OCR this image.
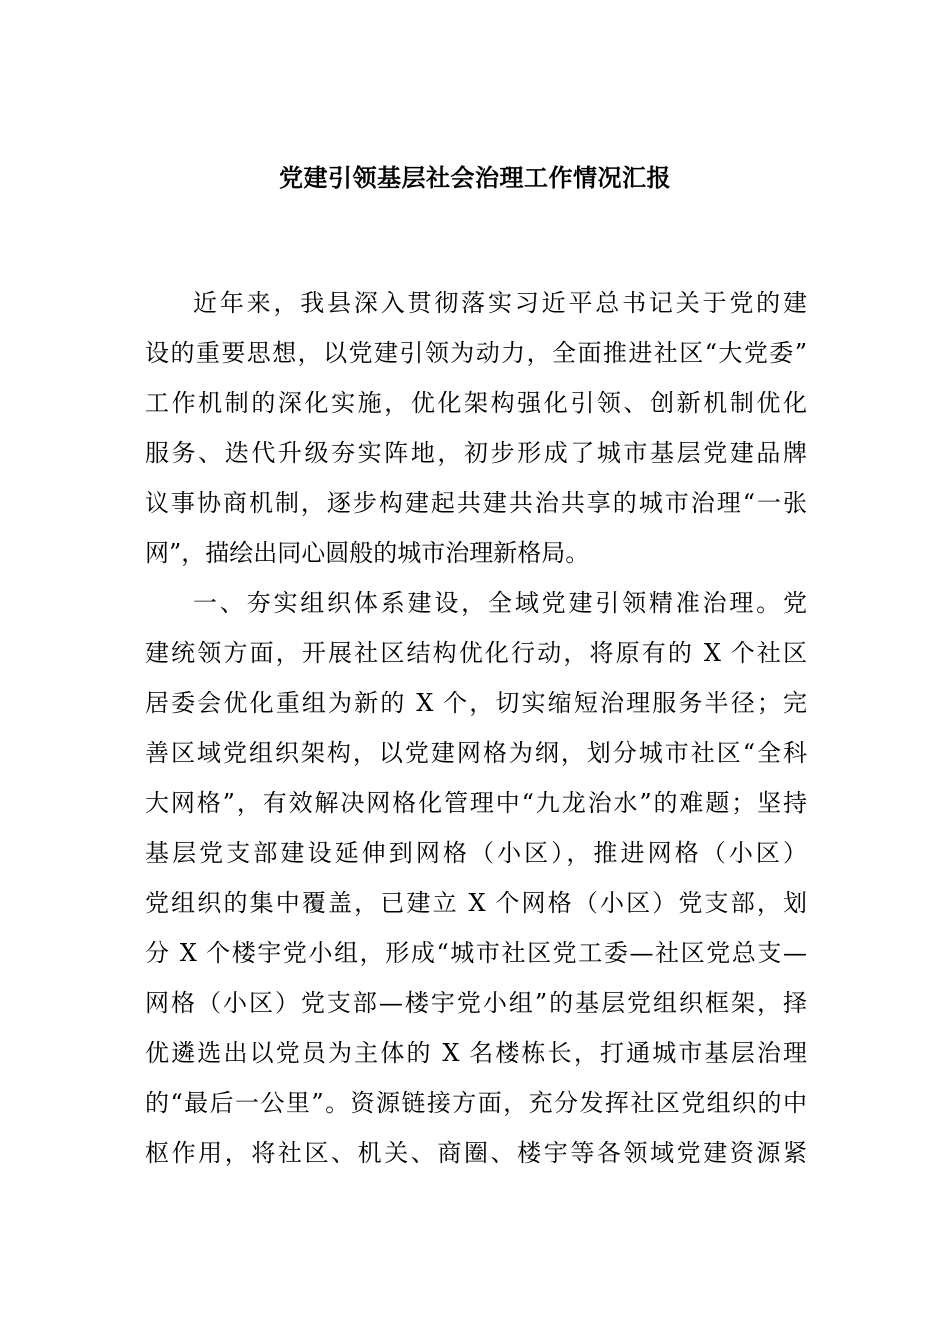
党建引领基层社会治理工作情况汇报
近年来，我县深入贯彻落实习近平总书记关于党的建
设的重要思想，以党建引领为动力，全面推进社区“大党委”
工作机制的深化实施，优化架构强化引领、创新机制优化
服务、迭代升级夯实阵地，初步形成了城市基层党建品牌
议事协商机制，逐步构建起共建共治共享的城市治理“一张
网”，描绘出同心圆般的城市治理新格局。
一、夯实组织体系建设，全域党建引领精准治理。党
建统领方面，开展社区结构优化行动，将原有的 X 个社区
居委会优化重组为新的 X 个，切实缩短治理服务半径；完
善区域党组织架构，以党建网格为纲，划分城市社区“全科
大网格”，有效解决网格化管理中“九龙治水”的难题；坚持
基层党支部建设延伸到网格（小区），推进网格（小区）
党组织的集中覆盖，已建立 X 个网格（小区）党支部，划
分 X 个楼宇党小组，形成“城市社区党工委—社区党总支—
网格（小区）党支部—楼宇党小组”的基层党组织框架，择
优遴选出以党员为主体的 X 名楼栋长，打通城市基层治理
的“最后一公里”。资源链接方面，充分发挥社区党组织的中
枢作用，将社区、机关、商圈、楼宇等各领域党建资源紧
